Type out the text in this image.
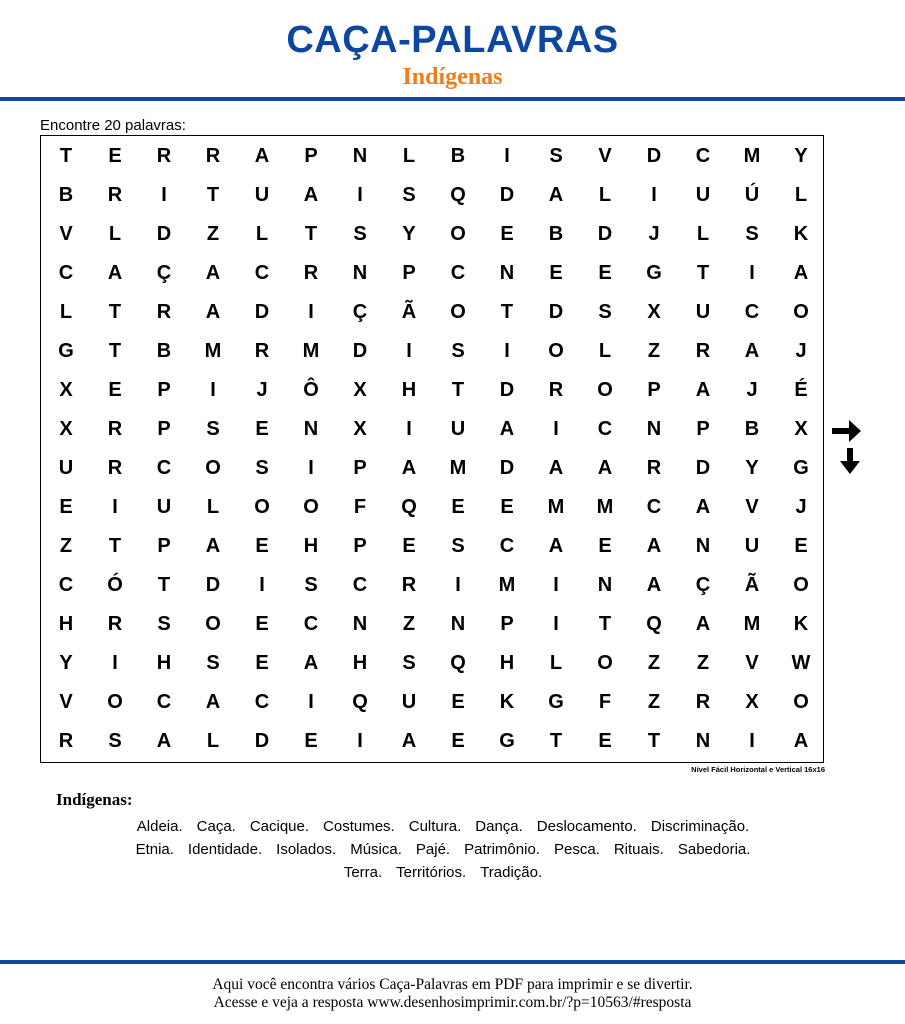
CAÇA-PALAVRAS
Indígenas
Encontre 20 palavras:
T	E	R	R	A	P	N	L	B	I	S	V	D	C	M	Y
B	R	I	T	U	A	I	S	Q	D	A	L	I	U	Ú	L
V	L	D	Z	L	T	S	Y	O	E	B	D	J	L	S	K
C	A	Ç	A	C	R	N	P	C	N	E	E	G	T	I	A
L	T	R	A	D	I	Ç	Ã	O	T	D	S	X	U	C	O
G	T	B	M	R	M	D	I	S	I	O	L	Z	R	A	J
X	E	P	I	J	Ô	X	H	T	D	R	O	P	A	J	É
X	R	P	S	E	N	X	I	U	A	I	C	N	P	B	X
U	R	C	O	S	I	P	A	M	D	A	A	R	D	Y	G
E	I	U	L	O	O	F	Q	E	E	M	M	C	A	V	J
Z	T	P	A	E	H	P	E	S	C	A	E	A	N	U	E
C	Ó	T	D	I	S	C	R	I	M	I	N	A	Ç	Ã	O
H	R	S	O	E	C	N	Z	N	P	I	T	Q	A	M	K
Y	I	H	S	E	A	H	S	Q	H	L	O	Z	Z	V	W
V	O	C	A	C	I	Q	U	E	K	G	F	Z	R	X	O
R	S	A	L	D	E	I	A	E	G	T	E	T	N	I	A
Nível Fácil Horizontal e Vertical 16x16
Indígenas:
Aldeia. Caça. Cacique. Costumes. Cultura. Dança. Deslocamento. Discriminação.
Etnia. Identidade. Isolados. Música. Pajé. Patrimônio. Pesca. Rituais. Sabedoria.
Terra. Territórios. Tradição.
Aqui você encontra vários Caça-Palavras em PDF para imprimir e se divertir.
Acesse e veja a resposta www.desenhosimprimir.com.br/?p=10563/#resposta
